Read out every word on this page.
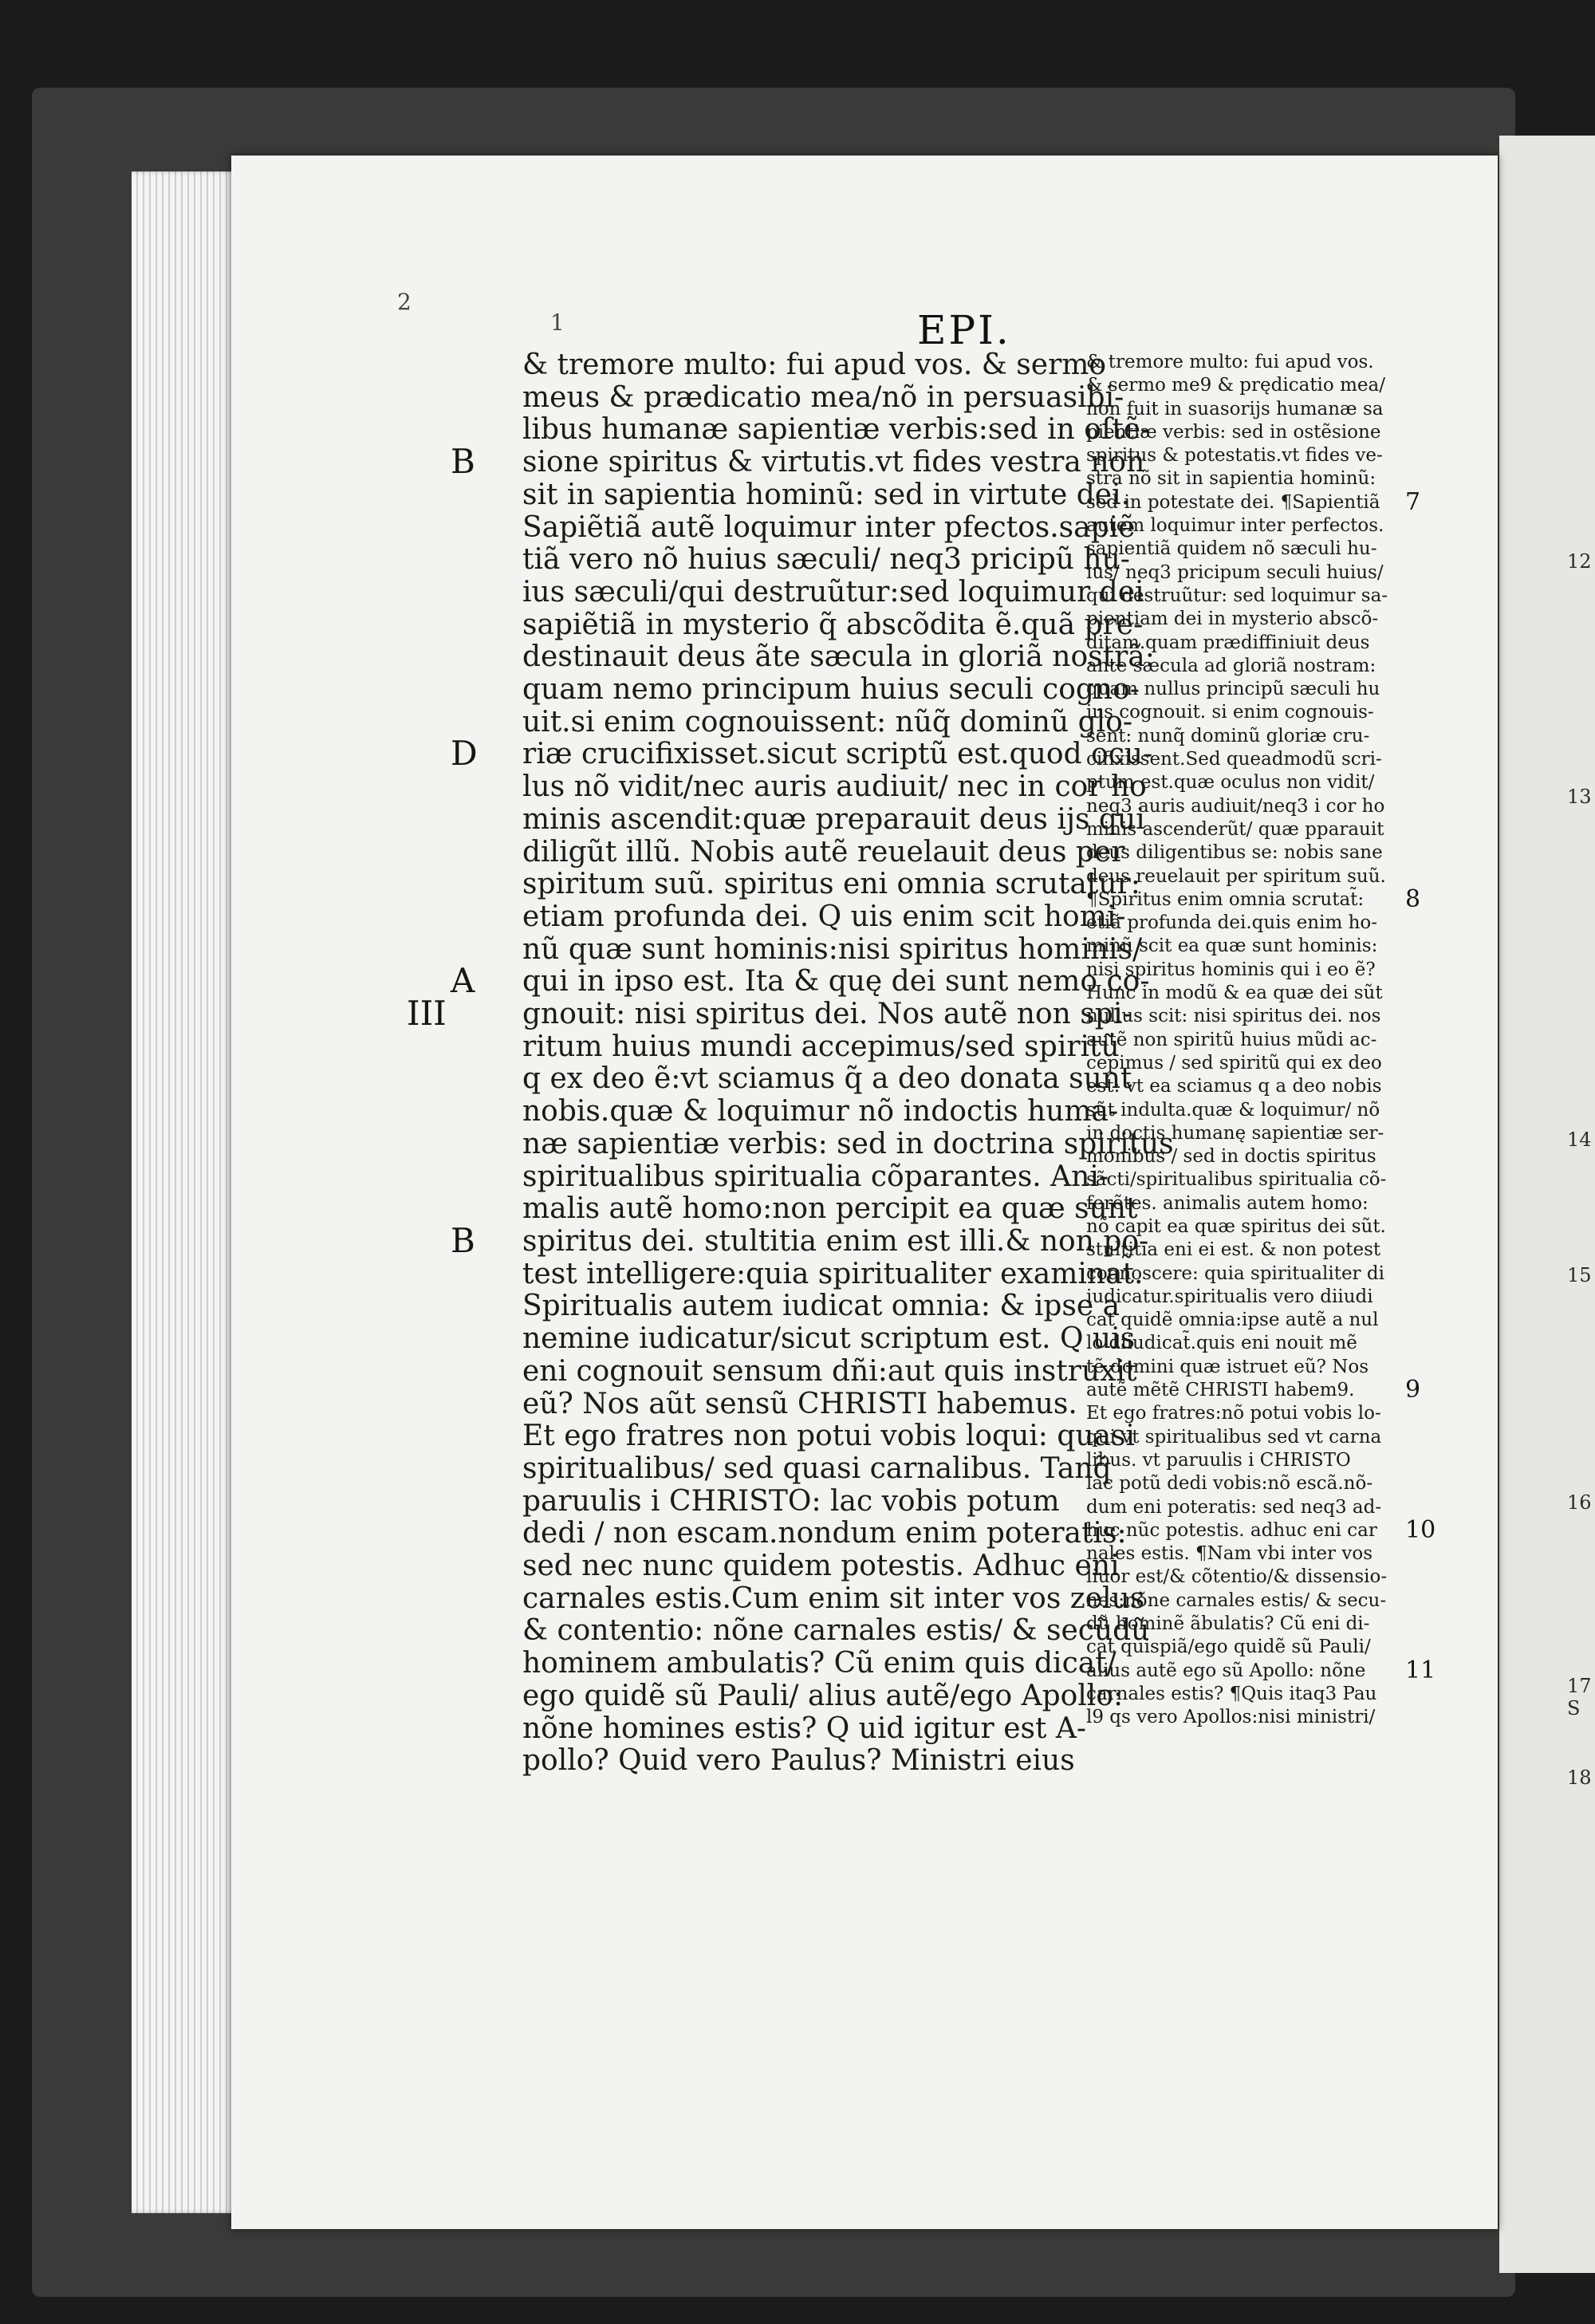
12
13
14
15
16
17 S
18
2
1	EPI.
B
D
A
III
B
& tremore multo: fui apud vos. & sermo
meus & prædicatio mea/nõ in persuasibi-
libus humanæ sapientiæ verbis:sed in oſtẽ-
sione spiritus & virtutis.vt fides vestra non
sit in sapientia hominũ: sed in virtute dei.
Sapiẽtiã autẽ loquimur inter pfectos.sapiẽ
tiã vero nõ huius sæculi/ neq3 pricipũ hu-
ius sæculi/qui destruũtur:sed loquimur dei
sapiẽtiã in mysterio q̃ abscõdita ẽ.quã pre-
destinauit deus ãte sæcula in gloriã nostrã:
quam nemo principum huius seculi cogno-
uit.si enim cognouissent: nũq̃ dominũ glo-
riæ crucifixisset.sicut scriptũ est.quod ocu-
lus nõ vidit/nec auris audiuit/ nec in cor ho
minis ascendit:quæ preparauit deus ijs qui
diligũt illũ. Nobis autẽ reuelauit deus per
spiritum suũ. spiritus eni omnia scrutatur:
etiam profunda dei. Q uis enim scit homi-
nũ quæ sunt hominis:nisi spiritus hominis/
qui in ipso est. Ita & quę dei sunt nemo co-
gnouit: nisi spiritus dei. Nos autẽ non spi-
ritum huius mundi accepimus/sed spiritũ
q ex deo ẽ:vt sciamus q̃ a deo donata sunt
nobis.quæ & loquimur nõ indoctis huma-
næ sapientiæ verbis: sed in doctrina spiritus
spiritualibus spiritualia cõparantes. Ani-
malis autẽ homo:non percipit ea quæ sunt
spiritus dei. stultitia enim est illi.& non po-
test intelligere:quia spiritualiter examinat̃.
Spiritualis autem iudicat omnia: & ipse a
nemine iudicatur/sicut scriptum est. Q uis
eni cognouit sensum dñi:aut quis instruxit
eũ? Nos aũt sensũ CHRISTI habemus.
Et ego fratres non potui vobis loqui: quasi
spiritualibus/ sed quasi carnalibus. Tanq̃
paruulis i CHRISTO: lac vobis potum
dedi / non escam.nondum enim poteratis:
sed nec nunc quidem potestis. Adhuc eni
carnales estis.Cum enim sit inter vos zelus
& contentio: nõne carnales estis/ & secũdũ
hominem ambulatis? Cũ enim quis dicat/
ego quidẽ sũ Pauli/ alius autẽ/ego Apollo:
nõne homines estis? Q uid igitur est A-
pollo? Quid vero Paulus? Ministri eius
& tremore multo: fui apud vos.
& sermo me9 & prędicatio mea/
non fuit in suasorijs humanæ sa
pientiæ verbis: sed in ostẽsione
spiritus & potestatis.vt fides ve-
stra nõ sit in sapientia hominũ:
sed in potestate dei. ¶Sapientiã
autem loquimur inter perfectos.
sapientiã quidem nõ sæculi hu-
ius/ neq3 pricipum seculi huius/
qui destruũtur: sed loquimur sa-
pientiam dei in mysterio abscõ-
ditam.quam prædiffiniuit deus
ante sæcula ad gloriã nostram:
quam nullus principũ sæculi hu
ius cognouit. si enim cognouis-
sent: nunq̃ dominũ gloriæ cru-
cifixissent.Sed queadmodũ scri-
ptum est.quæ oculus non vidit/
neq3 auris audiuit/neq3 i cor ho
minis ascenderũt/ quæ pparauit
deus diligentibus se: nobis sane
deus reuelauit per spiritum suũ.
¶Spiritus enim omnia scrutat̃:
etiã profunda dei.quis enim ho-
minũ scit ea quæ sunt hominis:
nisi spiritus hominis qui i eo ẽ?
Hunc in modũ & ea quæ dei sũt
nullus scit: nisi spiritus dei. nos
autẽ non spiritũ huius mũdi ac-
cepimus / sed spiritũ qui ex deo
est: vt ea sciamus q a deo nobis
sũt indulta.quæ & loquimur/ nõ
in doctis humanę sapientiæ ser-
monibus / sed in doctis spiritus
sãcti/spiritualibus spiritualia cõ-
ferẽtes. animalis autem homo:
nõ capit ea quæ spiritus dei sũt.
stultitia eni ei est. & non potest
cognoscere: quia spiritualiter di
iudicatur.spiritualis vero diiudi
cat quidẽ omnia:ipse autẽ a nul
lo diiudicat̃.quis eni nouit mẽ
tẽ domini quæ istruet eũ? Nos
autẽ mẽtẽ CHRISTI habem9.
Et ego fratres:nõ potui vobis lo-
qui vt spiritualibus sed vt carna
libus. vt paruulis i CHRISTO
lac potũ dedi vobis:nõ escã.nõ-
dum eni poteratis: sed neq3 ad-
huc nũc potestis. adhuc eni car
nales estis. ¶Nam vbi inter vos
liuor est/& cõtentio/& dissensio-
nes:nõne carnales estis/ & secu-
dũ hominẽ ãbulatis? Cũ eni di-
cat quispiã/ego quidẽ sũ Pauli/
alius autẽ ego sũ Apollo: nõne
carnales estis? ¶Quis itaq3 Pau
l9 qs vero Apollos:nisi ministri/
7
8
9
10
11
